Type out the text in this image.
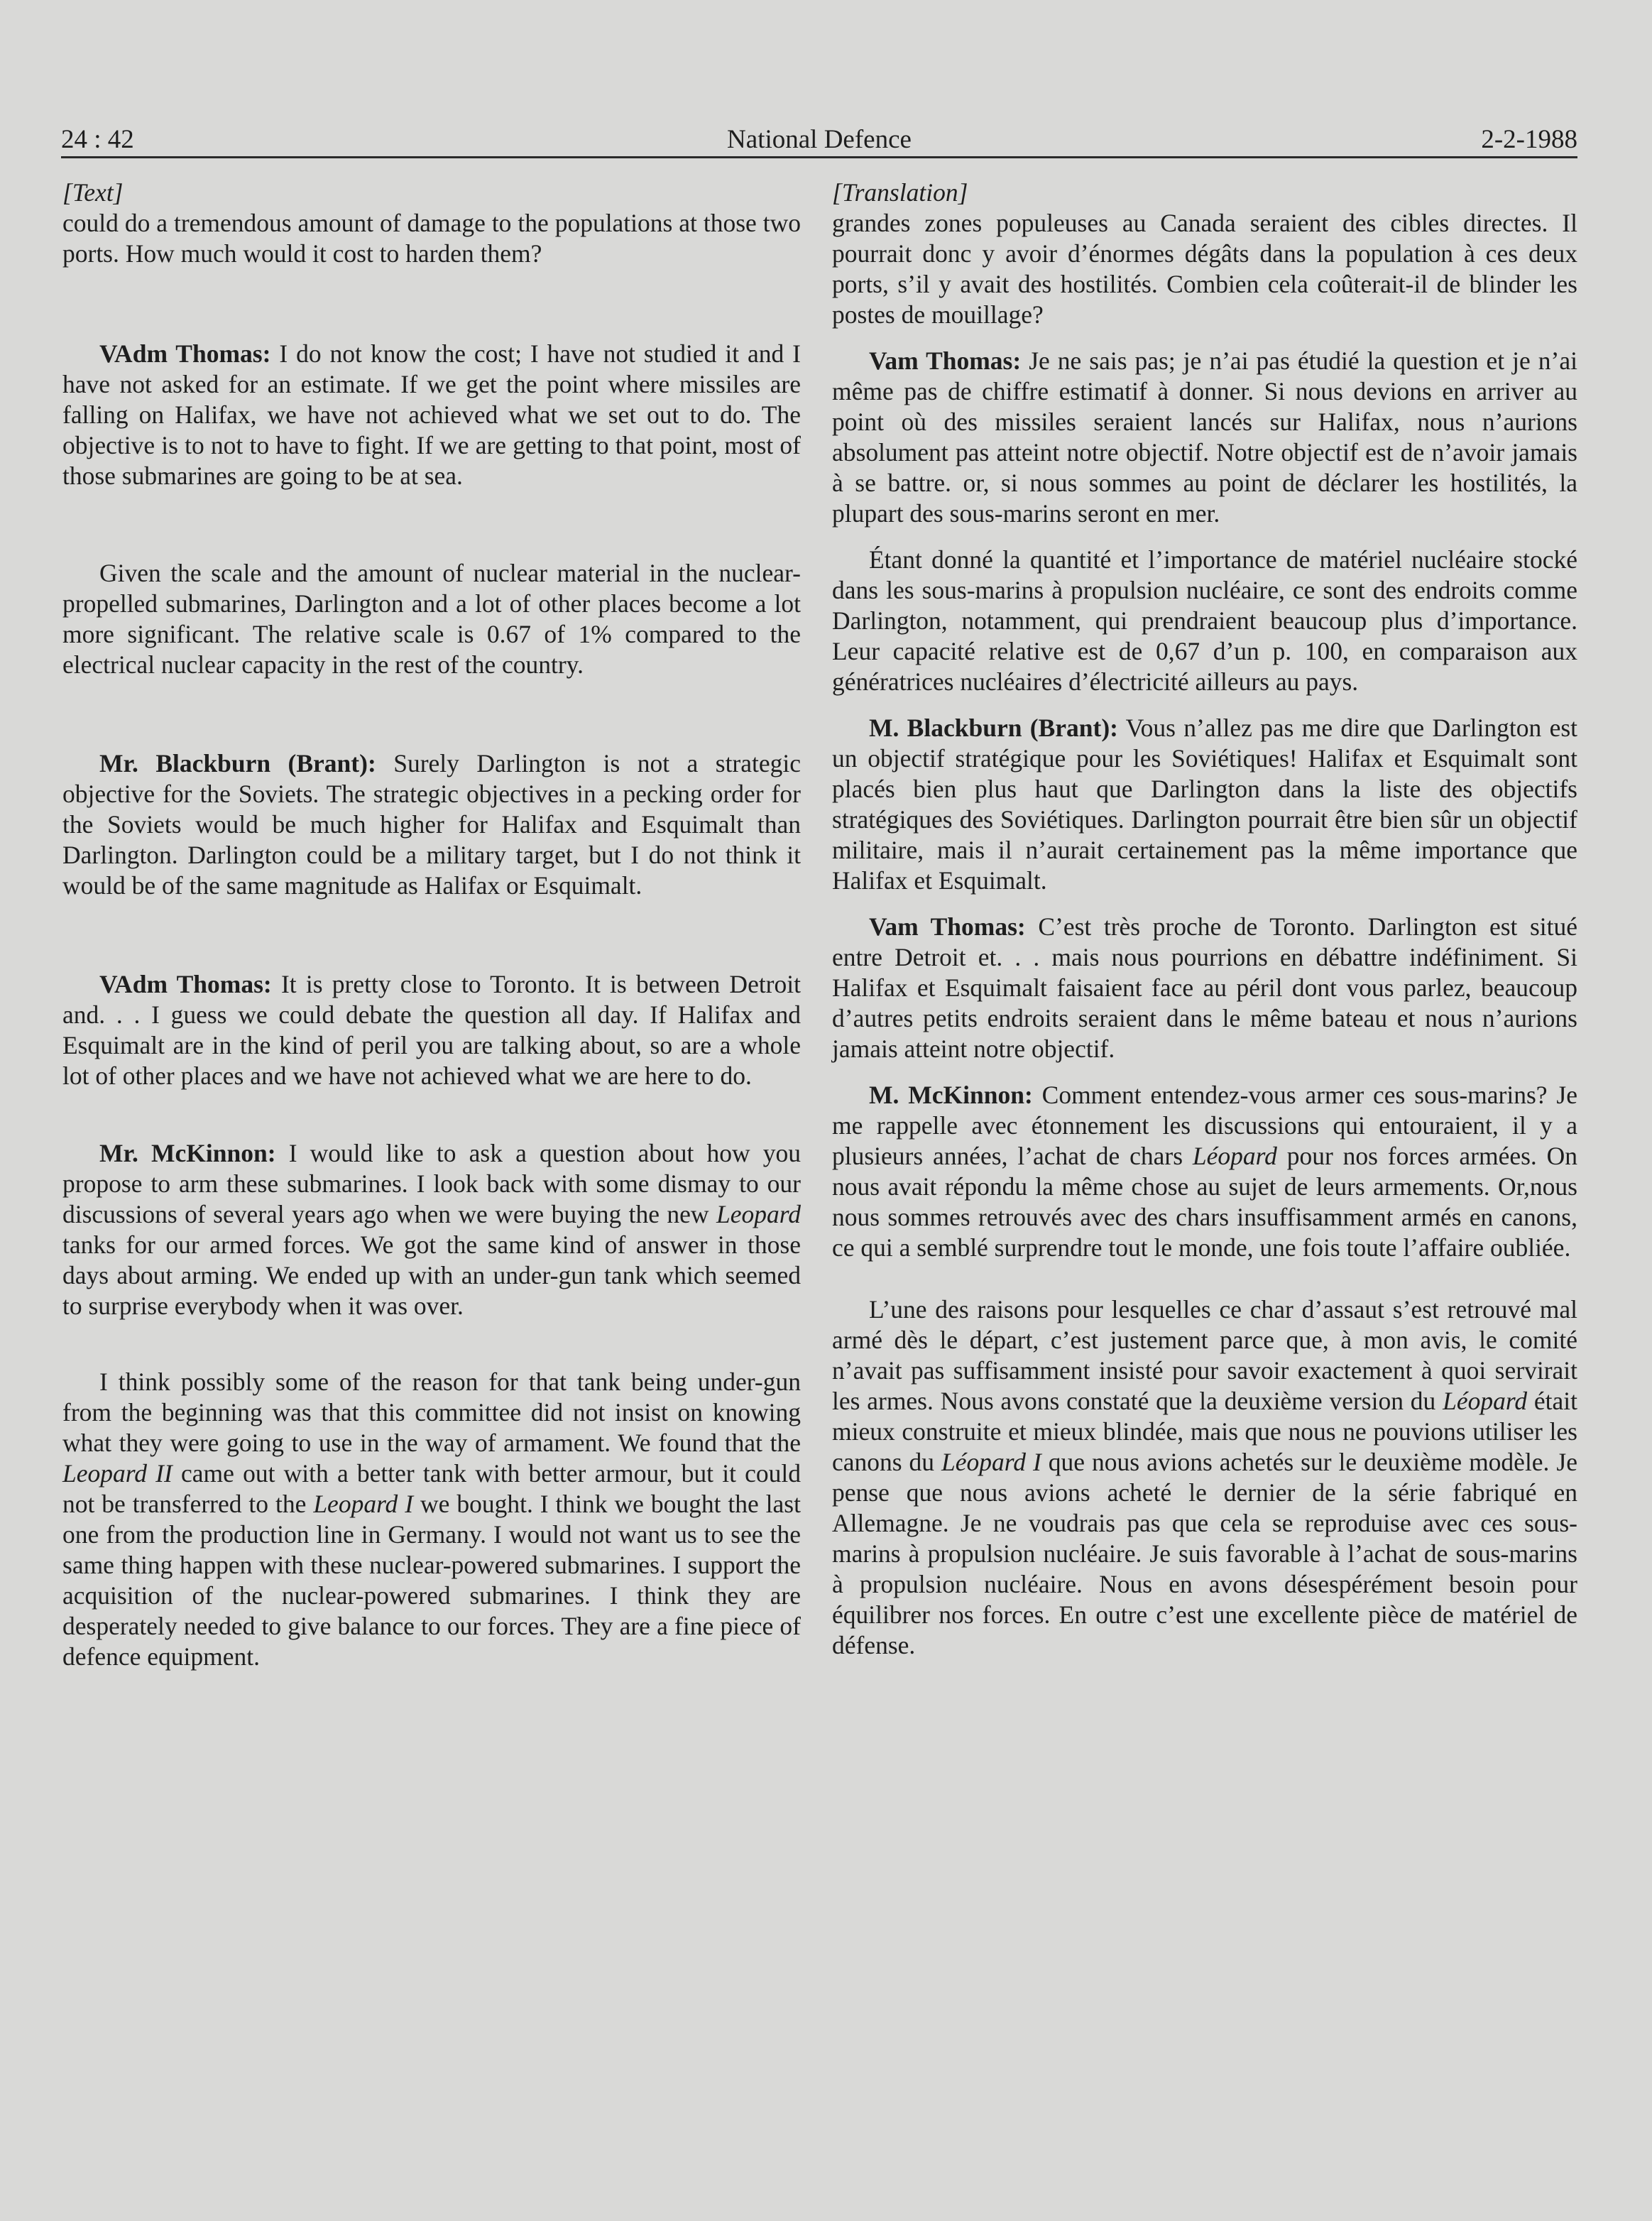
24 : 42	National Defence	2-2-1988
[Text]

could do a tremendous amount of damage to the populations at those two ports. How much would it cost to harden them?

VAdm Thomas: I do not know the cost; I have not studied it and I have not asked for an estimate. If we get the point where missiles are falling on Halifax, we have not achieved what we set out to do. The objective is to not to have to fight. If we are getting to that point, most of those submarines are going to be at sea.

Given the scale and the amount of nuclear material in the nuclear-propelled submarines, Darlington and a lot of other places become a lot more significant. The relative scale is 0.67 of 1% compared to the electrical nuclear capacity in the rest of the country.

Mr. Blackburn (Brant): Surely Darlington is not a strategic objective for the Soviets. The strategic objectives in a pecking order for the Soviets would be much higher for Halifax and Esquimalt than Darlington. Darlington could be a military target, but I do not think it would be of the same magnitude as Halifax or Esquimalt.

VAdm Thomas: It is pretty close to Toronto. It is between Detroit and. . . I guess we could debate the question all day. If Halifax and Esquimalt are in the kind of peril you are talking about, so are a whole lot of other places and we have not achieved what we are here to do.

Mr. McKinnon: I would like to ask a question about how you propose to arm these submarines. I look back with some dismay to our discussions of several years ago when we were buying the new Leopard tanks for our armed forces. We got the same kind of answer in those days about arming. We ended up with an under-gun tank which seemed to surprise everybody when it was over.

I think possibly some of the reason for that tank being under-gun from the beginning was that this committee did not insist on knowing what they were going to use in the way of armament. We found that the Leopard II came out with a better tank with better armour, but it could not be transferred to the Leopard I we bought. I think we bought the last one from the production line in Germany. I would not want us to see the same thing happen with these nuclear-powered submarines. I support the acquisition of the nuclear-powered submarines. I think they are desperately needed to give balance to our forces. They are a fine piece of defence equipment.

[Translation]

grandes zones populeuses au Canada seraient des cibles directes. Il pourrait donc y avoir d’énormes dégâts dans la population à ces deux ports, s’il y avait des hostilités. Combien cela coûterait-il de blinder les postes de mouillage?

Vam Thomas: Je ne sais pas; je n’ai pas étudié la question et je n’ai même pas de chiffre estimatif à donner. Si nous devions en arriver au point où des missiles seraient lancés sur Halifax, nous n’aurions absolument pas atteint notre objectif. Notre objectif est de n’avoir jamais à se battre. or, si nous sommes au point de déclarer les hostilités, la plupart des sous-marins seront en mer.

Étant donné la quantité et l’importance de matériel nucléaire stocké dans les sous-marins à propulsion nucléaire, ce sont des endroits comme Darlington, notamment, qui prendraient beaucoup plus d’importance. Leur capacité relative est de 0,67 d’un p. 100, en comparaison aux génératrices nucléaires d’électricité ailleurs au pays.

M. Blackburn (Brant): Vous n’allez pas me dire que Darlington est un objectif stratégique pour les Soviétiques! Halifax et Esquimalt sont placés bien plus haut que Darlington dans la liste des objectifs stratégiques des Soviétiques. Darlington pourrait être bien sûr un objectif militaire, mais il n’aurait certainement pas la même importance que Halifax et Esquimalt.

Vam Thomas: C’est très proche de Toronto. Darlington est situé entre Detroit et. . . mais nous pourrions en débattre indéfiniment. Si Halifax et Esquimalt faisaient face au péril dont vous parlez, beaucoup d’autres petits endroits seraient dans le même bateau et nous n’aurions jamais atteint notre objectif.

M. McKinnon: Comment entendez-vous armer ces sous-marins? Je me rappelle avec étonnement les discussions qui entouraient, il y a plusieurs années, l’achat de chars Léopard pour nos forces armées. On nous avait répondu la même chose au sujet de leurs armements. Or,nous nous sommes retrouvés avec des chars insuffisamment armés en canons, ce qui a semblé surprendre tout le monde, une fois toute l’affaire oubliée.

L’une des raisons pour lesquelles ce char d’assaut s’est retrouvé mal armé dès le départ, c’est justement parce que, à mon avis, le comité n’avait pas suffisamment insisté pour savoir exactement à quoi servirait les armes. Nous avons constaté que la deuxième version du Léopard était mieux construite et mieux blindée, mais que nous ne pouvions utiliser les canons du Léopard I que nous avions achetés sur le deuxième modèle. Je pense que nous avions acheté le dernier de la série fabriqué en Allemagne. Je ne voudrais pas que cela se reproduise avec ces sous-marins à propulsion nucléaire. Je suis favorable à l’achat de sous-marins à propulsion nucléaire. Nous en avons désespérément besoin pour équilibrer nos forces. En outre c’est une excellente pièce de matériel de défense.
